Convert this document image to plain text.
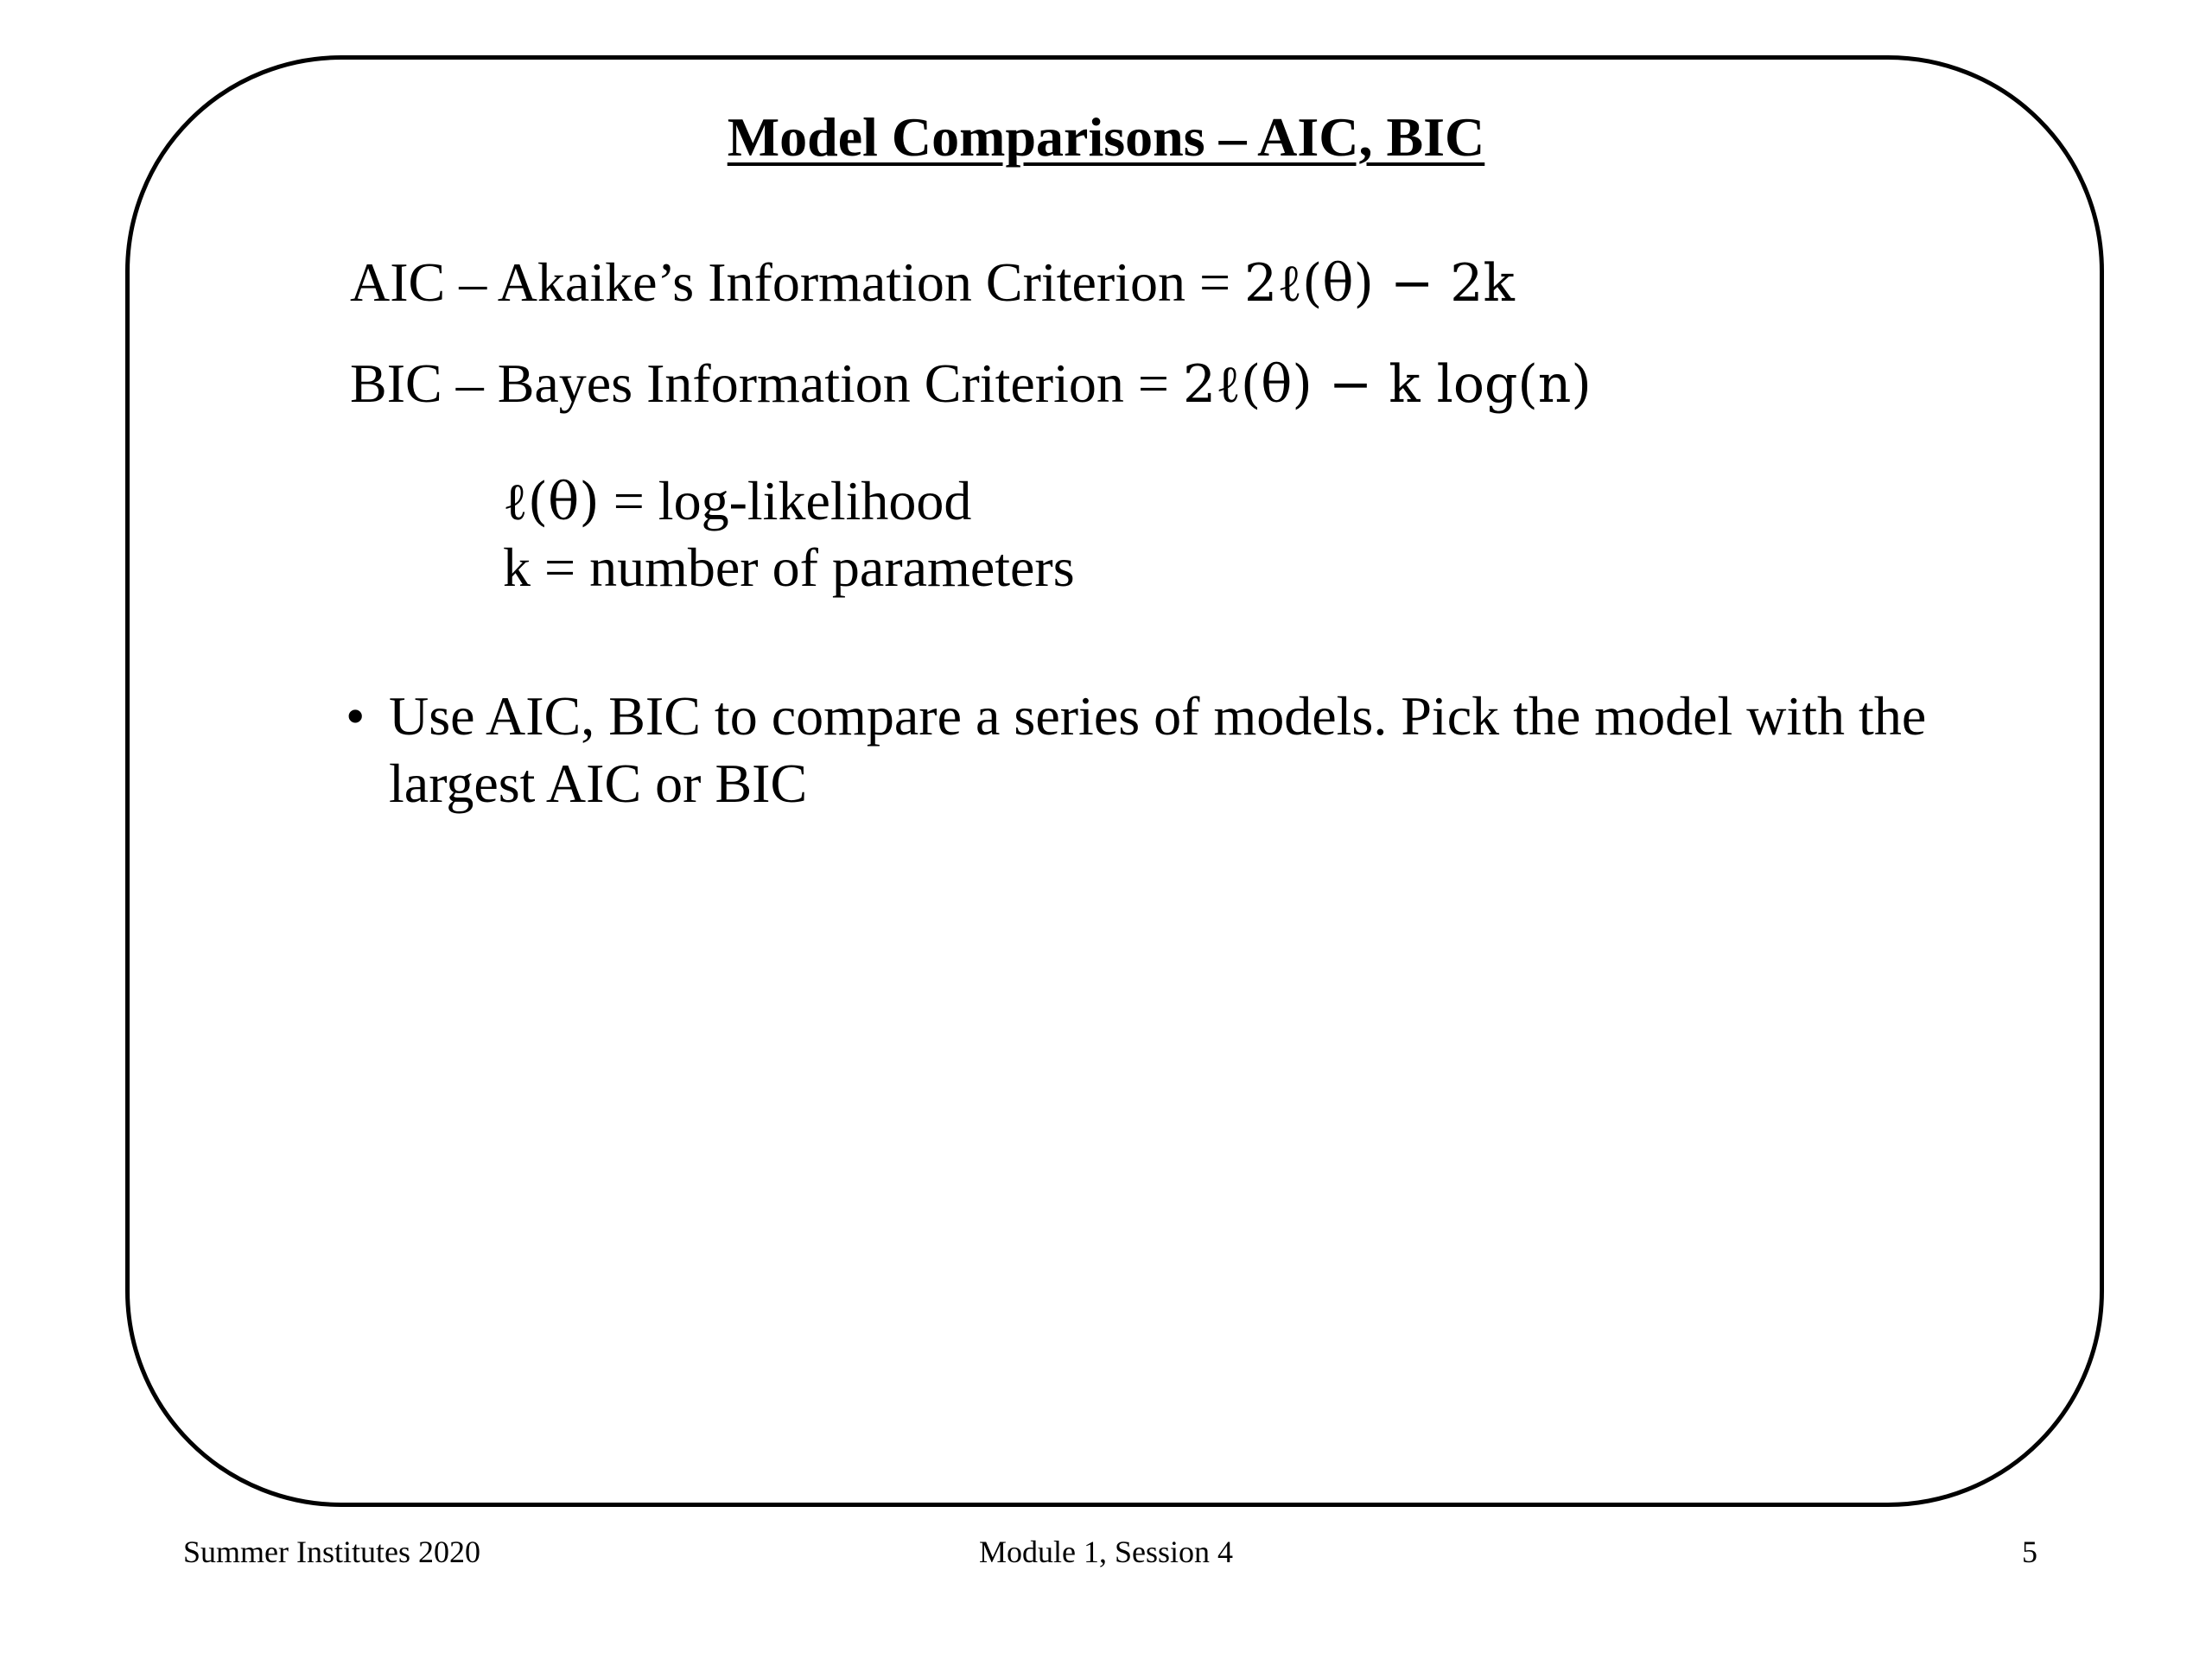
Model Comparisons – AIC, BIC
AIC – Akaike’s Information Criterion = 2ℓ(θ) − 2k
BIC – Bayes Information Criterion = 2ℓ(θ) − k log(n)
ℓ(θ) = log-likelihood
k = number of parameters
• Use AIC, BIC to compare a series of models. Pick the model with the largest AIC or BIC
Summer Institutes 2020	Module 1, Session 4	5
